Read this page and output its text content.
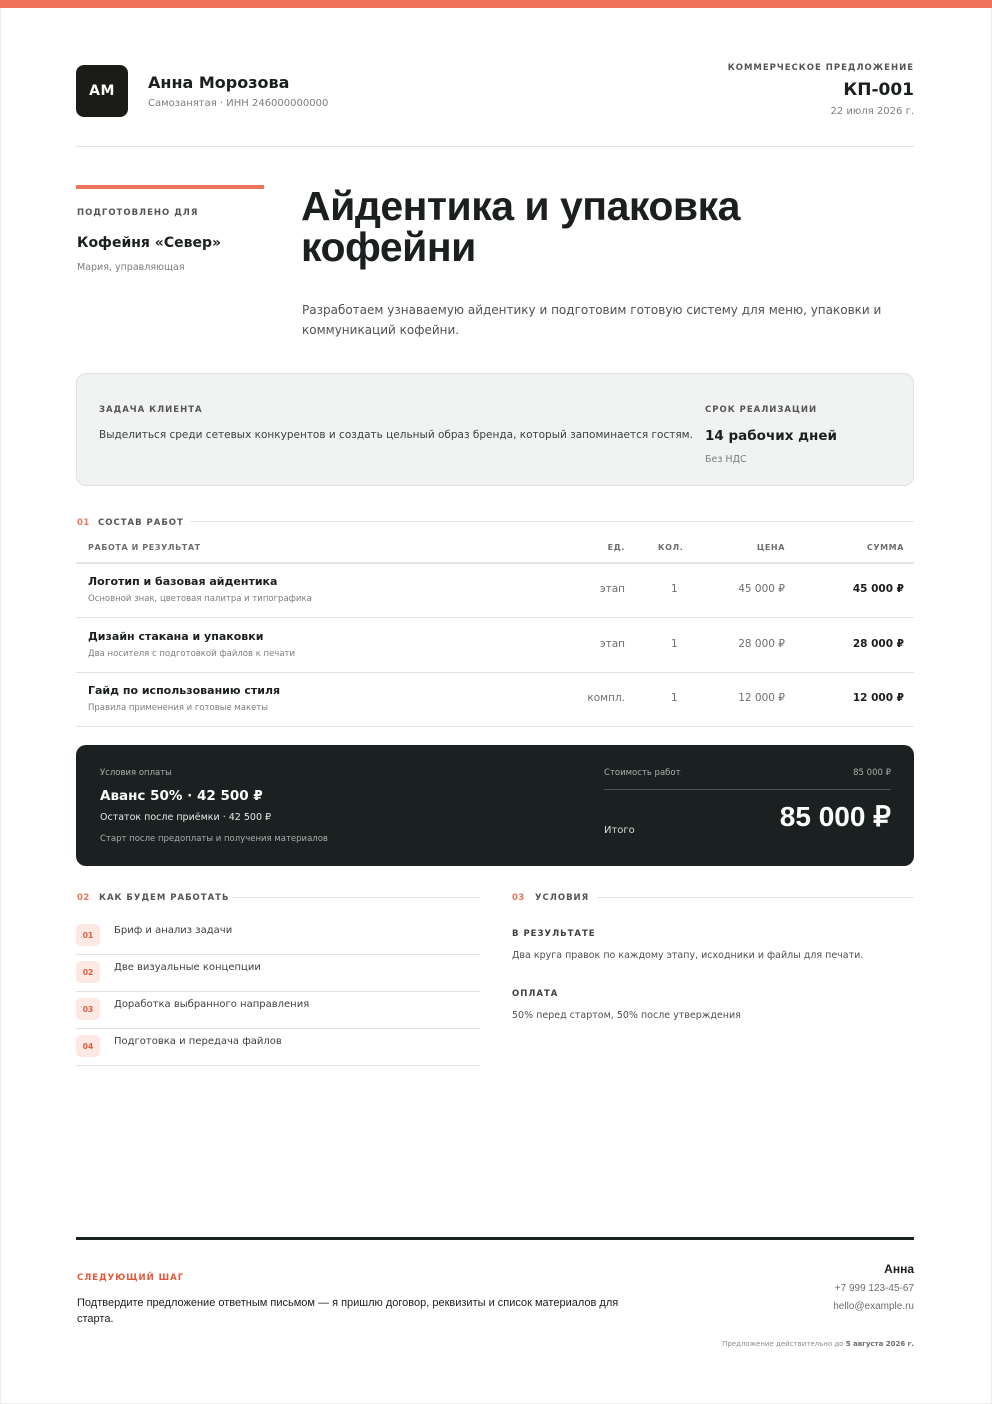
АМ	Анна Морозова
Самозанятая · ИНН 246000000000
КОММЕРЧЕСКОЕ ПРЕДЛОЖЕНИЕ
КП-001
22 июля 2026 г.
ПОДГОТОВЛЕНО ДЛЯ
Кофейня «Север»
Мария, управляющая
Айдентика и упаковка
кофейни
Разработаем узнаваемую айдентику и подготовим готовую систему для меню, упаковки и коммуникаций кофейни.
ЗАДАЧА КЛИЕНТА
Выделиться среди сетевых конкурентов и создать цельный образ бренда, который запоминается гостям.
СРОК РЕАЛИЗАЦИИ
14 рабочих дней
Без НДС
01 СОСТАВ РАБОТ
РАБОТА И РЕЗУЛЬТАТ	ЕД.	КОЛ.	ЦЕНА	СУММА
Логотип и базовая айдентика
Основной знак, цветовая палитра и типографика
этап	1	45 000 ₽	45 000 ₽
Дизайн стакана и упаковки
Два носителя с подготовкой файлов к печати
этап	1	28 000 ₽	28 000 ₽
Гайд по использованию стиля
Правила применения и готовые макеты
компл.	1	12 000 ₽	12 000 ₽
Условия оплаты
Аванс 50% · 42 500 ₽
Остаток после приёмки · 42 500 ₽
Старт после предоплаты и получения материалов
Стоимость работ	85 000 ₽
Итого	85 000 ₽
02 КАК БУДЕМ РАБОТАТЬ
01	Бриф и анализ задачи
02	Две визуальные концепции
03	Доработка выбранного направления
04	Подготовка и передача файлов
03 УСЛОВИЯ
В РЕЗУЛЬТАТЕ
Два круга правок по каждому этапу, исходники и файлы для печати.
ОПЛАТА
50% перед стартом, 50% после утверждения
СЛЕДУЮЩИЙ ШАГ
Подтвердите предложение ответным письмом — я пришлю договор, реквизиты и список материалов для старта.
Анна
+7 999 123-45-67
hello@example.ru
Предложение действительно до 5 августа 2026 г.
